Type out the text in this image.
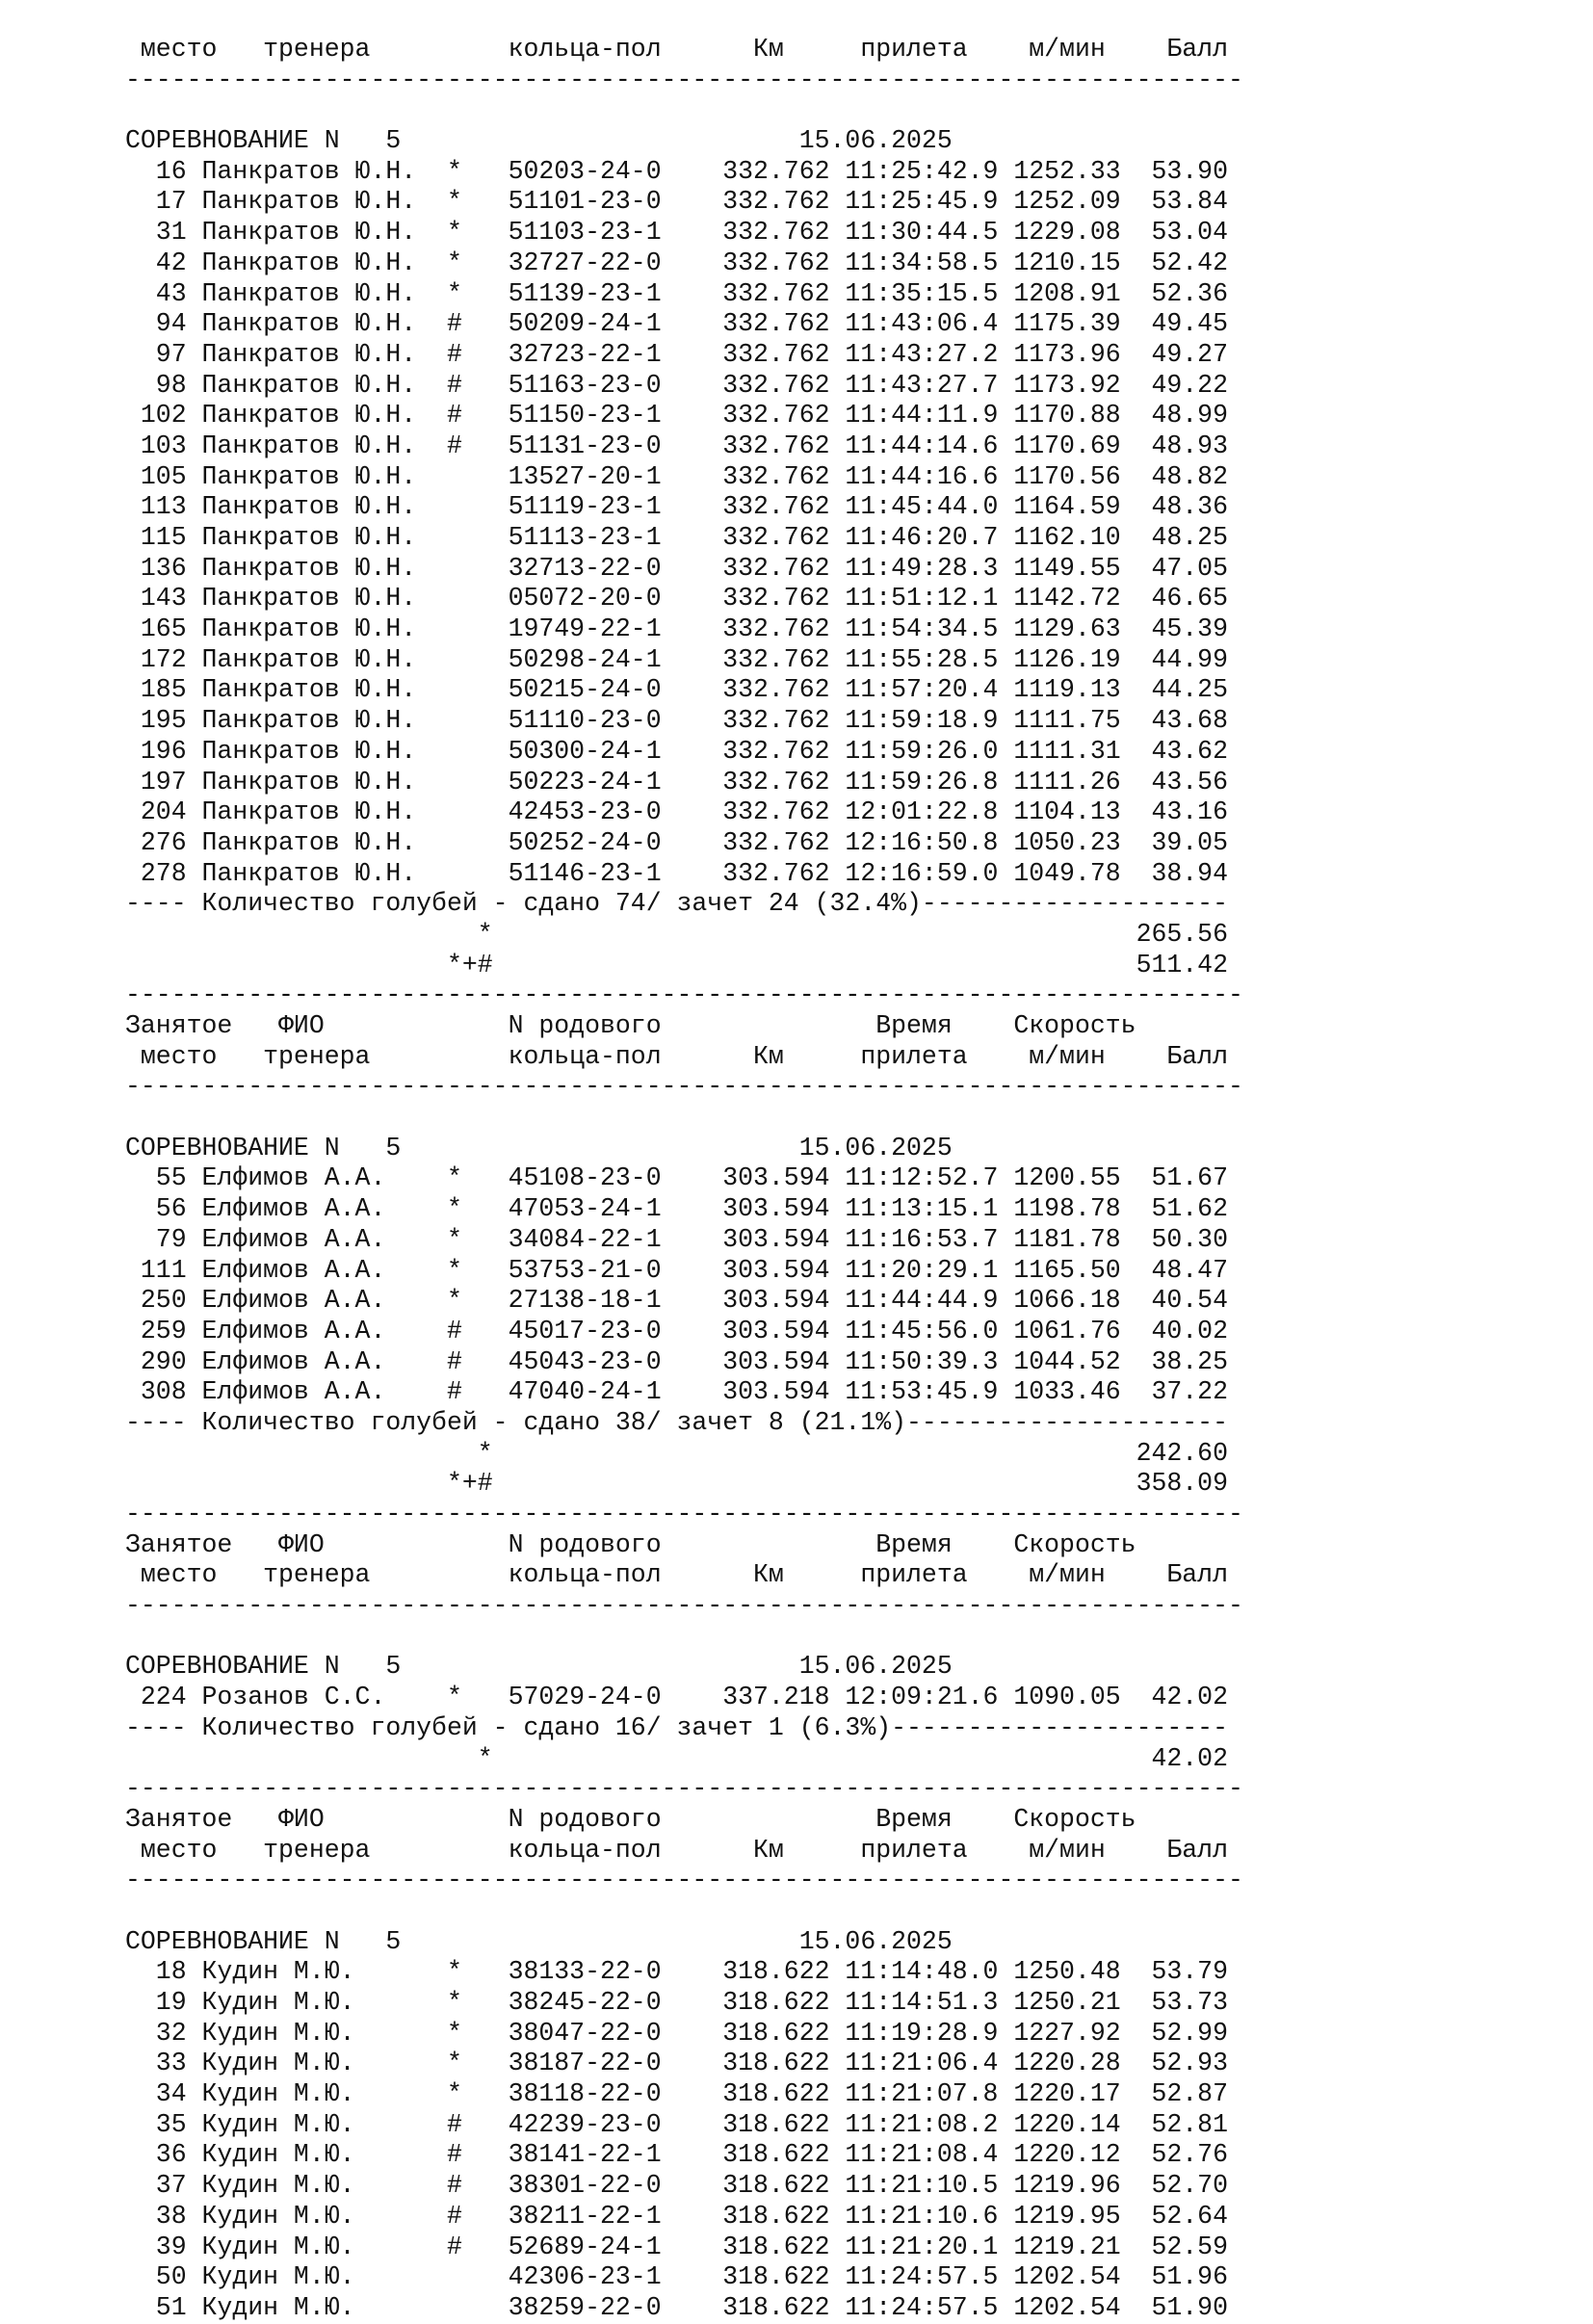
место   тренера         кольца-пол      Км     прилета    м/мин    Балл
-------------------------------------------------------------------------
СОРЕВНОВАНИЕ N   5                          15.06.2025
16 Панкратов Ю.Н.  *   50203-24-0    332.762 11:25:42.9 1252.33  53.90
17 Панкратов Ю.Н.  *   51101-23-0    332.762 11:25:45.9 1252.09  53.84
31 Панкратов Ю.Н.  *   51103-23-1    332.762 11:30:44.5 1229.08  53.04
42 Панкратов Ю.Н.  *   32727-22-0    332.762 11:34:58.5 1210.15  52.42
43 Панкратов Ю.Н.  *   51139-23-1    332.762 11:35:15.5 1208.91  52.36
94 Панкратов Ю.Н.  #   50209-24-1    332.762 11:43:06.4 1175.39  49.45
97 Панкратов Ю.Н.  #   32723-22-1    332.762 11:43:27.2 1173.96  49.27
98 Панкратов Ю.Н.  #   51163-23-0    332.762 11:43:27.7 1173.92  49.22
102 Панкратов Ю.Н.  #   51150-23-1    332.762 11:44:11.9 1170.88  48.99
103 Панкратов Ю.Н.  #   51131-23-0    332.762 11:44:14.6 1170.69  48.93
105 Панкратов Ю.Н.      13527-20-1    332.762 11:44:16.6 1170.56  48.82
113 Панкратов Ю.Н.      51119-23-1    332.762 11:45:44.0 1164.59  48.36
115 Панкратов Ю.Н.      51113-23-1    332.762 11:46:20.7 1162.10  48.25
136 Панкратов Ю.Н.      32713-22-0    332.762 11:49:28.3 1149.55  47.05
143 Панкратов Ю.Н.      05072-20-0    332.762 11:51:12.1 1142.72  46.65
165 Панкратов Ю.Н.      19749-22-1    332.762 11:54:34.5 1129.63  45.39
172 Панкратов Ю.Н.      50298-24-1    332.762 11:55:28.5 1126.19  44.99
185 Панкратов Ю.Н.      50215-24-0    332.762 11:57:20.4 1119.13  44.25
195 Панкратов Ю.Н.      51110-23-0    332.762 11:59:18.9 1111.75  43.68
196 Панкратов Ю.Н.      50300-24-1    332.762 11:59:26.0 1111.31  43.62
197 Панкратов Ю.Н.      50223-24-1    332.762 11:59:26.8 1111.26  43.56
204 Панкратов Ю.Н.      42453-23-0    332.762 12:01:22.8 1104.13  43.16
276 Панкратов Ю.Н.      50252-24-0    332.762 12:16:50.8 1050.23  39.05
278 Панкратов Ю.Н.      51146-23-1    332.762 12:16:59.0 1049.78  38.94
---- Количество голубей - сдано 74/ зачет 24 (32.4%)--------------------
*                                          265.56
*+#                                          511.42
-------------------------------------------------------------------------
Занятое   ФИО            N родового              Время    Скорость
место   тренера         кольца-пол      Км     прилета    м/мин    Балл
-------------------------------------------------------------------------
СОРЕВНОВАНИЕ N   5                          15.06.2025
55 Елфимов А.А.    *   45108-23-0    303.594 11:12:52.7 1200.55  51.67
56 Елфимов А.А.    *   47053-24-1    303.594 11:13:15.1 1198.78  51.62
79 Елфимов А.А.    *   34084-22-1    303.594 11:16:53.7 1181.78  50.30
111 Елфимов А.А.    *   53753-21-0    303.594 11:20:29.1 1165.50  48.47
250 Елфимов А.А.    *   27138-18-1    303.594 11:44:44.9 1066.18  40.54
259 Елфимов А.А.    #   45017-23-0    303.594 11:45:56.0 1061.76  40.02
290 Елфимов А.А.    #   45043-23-0    303.594 11:50:39.3 1044.52  38.25
308 Елфимов А.А.    #   47040-24-1    303.594 11:53:45.9 1033.46  37.22
---- Количество голубей - сдано 38/ зачет 8 (21.1%)---------------------
*                                          242.60
*+#                                          358.09
-------------------------------------------------------------------------
Занятое   ФИО            N родового              Время    Скорость
место   тренера         кольца-пол      Км     прилета    м/мин    Балл
-------------------------------------------------------------------------
СОРЕВНОВАНИЕ N   5                          15.06.2025
224 Розанов С.С.    *   57029-24-0    337.218 12:09:21.6 1090.05  42.02
---- Количество голубей - сдано 16/ зачет 1 (6.3%)----------------------
*                                           42.02
-------------------------------------------------------------------------
Занятое   ФИО            N родового              Время    Скорость
место   тренера         кольца-пол      Км     прилета    м/мин    Балл
-------------------------------------------------------------------------
СОРЕВНОВАНИЕ N   5                          15.06.2025
18 Кудин М.Ю.      *   38133-22-0    318.622 11:14:48.0 1250.48  53.79
19 Кудин М.Ю.      *   38245-22-0    318.622 11:14:51.3 1250.21  53.73
32 Кудин М.Ю.      *   38047-22-0    318.622 11:19:28.9 1227.92  52.99
33 Кудин М.Ю.      *   38187-22-0    318.622 11:21:06.4 1220.28  52.93
34 Кудин М.Ю.      *   38118-22-0    318.622 11:21:07.8 1220.17  52.87
35 Кудин М.Ю.      #   42239-23-0    318.622 11:21:08.2 1220.14  52.81
36 Кудин М.Ю.      #   38141-22-1    318.622 11:21:08.4 1220.12  52.76
37 Кудин М.Ю.      #   38301-22-0    318.622 11:21:10.5 1219.96  52.70
38 Кудин М.Ю.      #   38211-22-1    318.622 11:21:10.6 1219.95  52.64
39 Кудин М.Ю.      #   52689-24-1    318.622 11:21:20.1 1219.21  52.59
50 Кудин М.Ю.          42306-23-1    318.622 11:24:57.5 1202.54  51.96
51 Кудин М.Ю.          38259-22-0    318.622 11:24:57.5 1202.54  51.90
